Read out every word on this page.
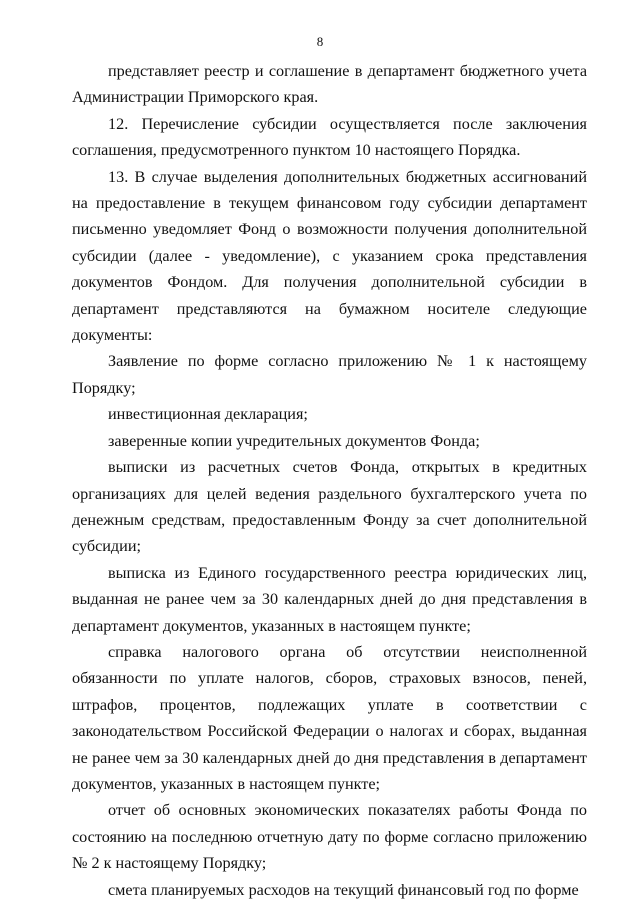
8

представляет реестр и соглашение в департамент бюджетного учета Администрации Приморского края.

12. Перечисление субсидии осуществляется после заключения соглашения, предусмотренного пунктом 10 настоящего Порядка.

13. В случае выделения дополнительных бюджетных ассигнований на предоставление в текущем финансовом году субсидии департамент письменно уведомляет Фонд о возможности получения дополнительной субсидии (далее - уведомление), с указанием срока представления документов Фондом. Для получения дополнительной субсидии в департамент представляются на бумажном носителе следующие документы:

Заявление по форме согласно приложению № 1 к настоящему Порядку;

инвестиционная декларация;

заверенные копии учредительных документов Фонда;

выписки из расчетных счетов Фонда, открытых в кредитных организациях для целей ведения раздельного бухгалтерского учета по денежным средствам, предоставленным Фонду за счет дополнительной субсидии;

выписка из Единого государственного реестра юридических лиц, выданная не ранее чем за 30 календарных дней до дня представления в департамент документов, указанных в настоящем пункте;

справка налогового органа об отсутствии неисполненной обязанности по уплате налогов, сборов, страховых взносов, пеней, штрафов, процентов, подлежащих уплате в соответствии с законодательством Российской Федерации о налогах и сборах, выданная не ранее чем за 30 календарных дней до дня представления в департамент документов, указанных в настоящем пункте;

отчет об основных экономических показателях работы Фонда по состоянию на последнюю отчетную дату по форме согласно приложению № 2 к настоящему Порядку;

смета планируемых расходов на текущий финансовый год по форме
